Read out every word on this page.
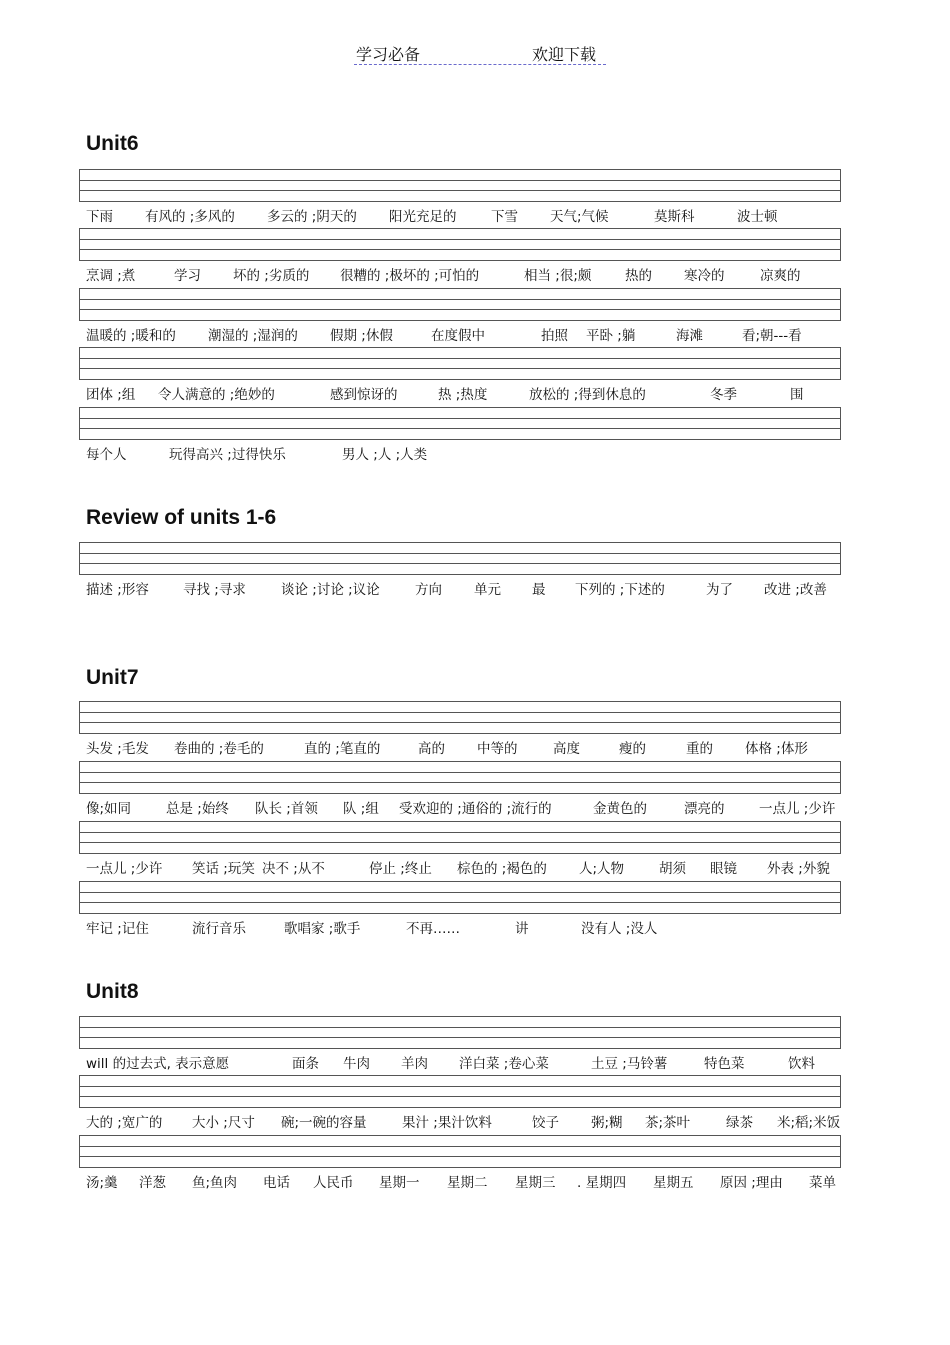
学习必备	欢迎下载
Unit6
下雨 有风的 ;多风的 多云的 ;阴天的 阳光充足的	下雪 天气;气候	莫斯科	波士顿
烹调 ;煮	学习 坏的 ;劣质的 很糟的 ;极坏的 ;可怕的	相当 ;很;颇 热的 寒冷的	凉爽的
温暖的 ;暖和的 潮湿的 ;湿润的 假期 ;休假	在度假中	拍照 平卧 ;躺	海滩	看;朝---看
团体 ;组 令人满意的 ;绝妙的	感到惊讶的	热 ;热度	放松的 ;得到休息的	冬季	围
每个人	玩得高兴 ;过得快乐	男人 ;人 ;人类
Review of units 1-6
描述 ;形容	寻找 ;寻求	谈论 ;讨论 ;议论	方向 单元 最 下列的 ;下述的	为了 改进 ;改善
Unit7
头发 ;毛发 卷曲的 ;卷毛的	直的 ;笔直的	高的 中等的	高度	瘦的	重的 体格 ;体形
像;如同	总是 ;始终 队长 ;首领 队 ;组 受欢迎的 ;通俗的 ;流行的	金黄色的	漂亮的	一点儿 ;少许
一点儿 ;少许 笑话 ;玩笑 决不 ;从不	停止 ;终止 棕色的 ;褐色的 人;人物	胡须 眼镜 外表 ;外貌
牢记 ;记住	流行音乐	歌唱家 ;歌手	不再……	讲	没有人 ;没人
Unit8
will 的过去式, 表示意愿	面条 牛肉 羊肉 洋白菜 ;卷心菜	土豆 ;马铃薯	特色菜	饮料
大的 ;宽广的 大小 ;尺寸 碗;一碗的容量	果汁 ;果汁饮料	饺子 粥;糊 茶;茶叶	绿茶 米;稻;米饭
汤;羹 洋葱 鱼;鱼肉 电话 人民币 星期一 星期二 星期三 . 星期四 星期五 原因 ;理由 菜单
